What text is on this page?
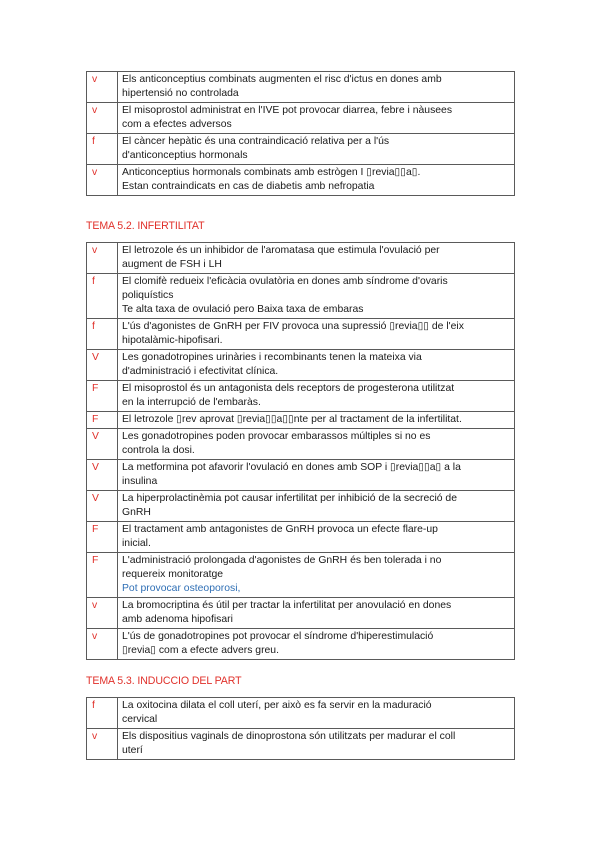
v	Els anticonceptius combinats augmenten el risc d'ictus en dones amb
hipertensió no controlada

v	El misoprostol administrat en l'IVE pot provocar diarrea, febre i nàusees
com a efectes adversos

f	El càncer hepàtic és una contraindicació relativa per a l'ús
d'anticonceptius hormonals

v	Anticonceptius hormonals combinats amb estrògen I ▯revia▯▯a▯.
Estan contraindicats en cas de diabetis amb nefropatia

TEMA 5.2. INFERTILITAT

v	El letrozole és un inhibidor de l'aromatasa que estimula l'ovulació per
augment de FSH i LH

f	El clomifè redueix l'eficàcia ovulatòria en dones amb síndrome d'ovaris
poliquístics
Te alta taxa de ovulació pero Baixa taxa de embaras

f	L'ús d'agonistes de GnRH per FIV provoca una supressió ▯revia▯▯ de l'eix
hipotalàmic-hipofisari.

V	Les gonadotropines urinàries i recombinants tenen la mateixa via
d'administració i efectivitat clínica.

F	El misoprostol és un antagonista dels receptors de progesterona utilitzat
en la interrupció de l'embaràs.

F	El letrozole ▯rev aprovat ▯revia▯▯a▯▯nte per al tractament de la infertilitat.

V	Les gonadotropines poden provocar embarassos múltiples si no es
controla la dosi.

V	La metformina pot afavorir l'ovulació en dones amb SOP i ▯revia▯▯a▯ a la
insulina

V	La hiperprolactinèmia pot causar infertilitat per inhibició de la secreció de
GnRH

F	El tractament amb antagonistes de GnRH provoca un efecte flare-up
inicial.

F	L'administració prolongada d'agonistes de GnRH és ben tolerada i no
requereix monitoratge
Pot provocar osteoporosi,

v	La bromocriptina és útil per tractar la infertilitat per anovulació en dones
amb adenoma hipofisari

v	L'ús de gonadotropines pot provocar el síndrome d'hiperestimulació
▯revia▯ com a efecte advers greu.

TEMA 5.3. INDUCCIO DEL PART

f	La oxitocina dilata el coll uterí, per això es fa servir en la maduració
cervical

v	Els dispositius vaginals de dinoprostona són utilitzats per madurar el coll
uterí
